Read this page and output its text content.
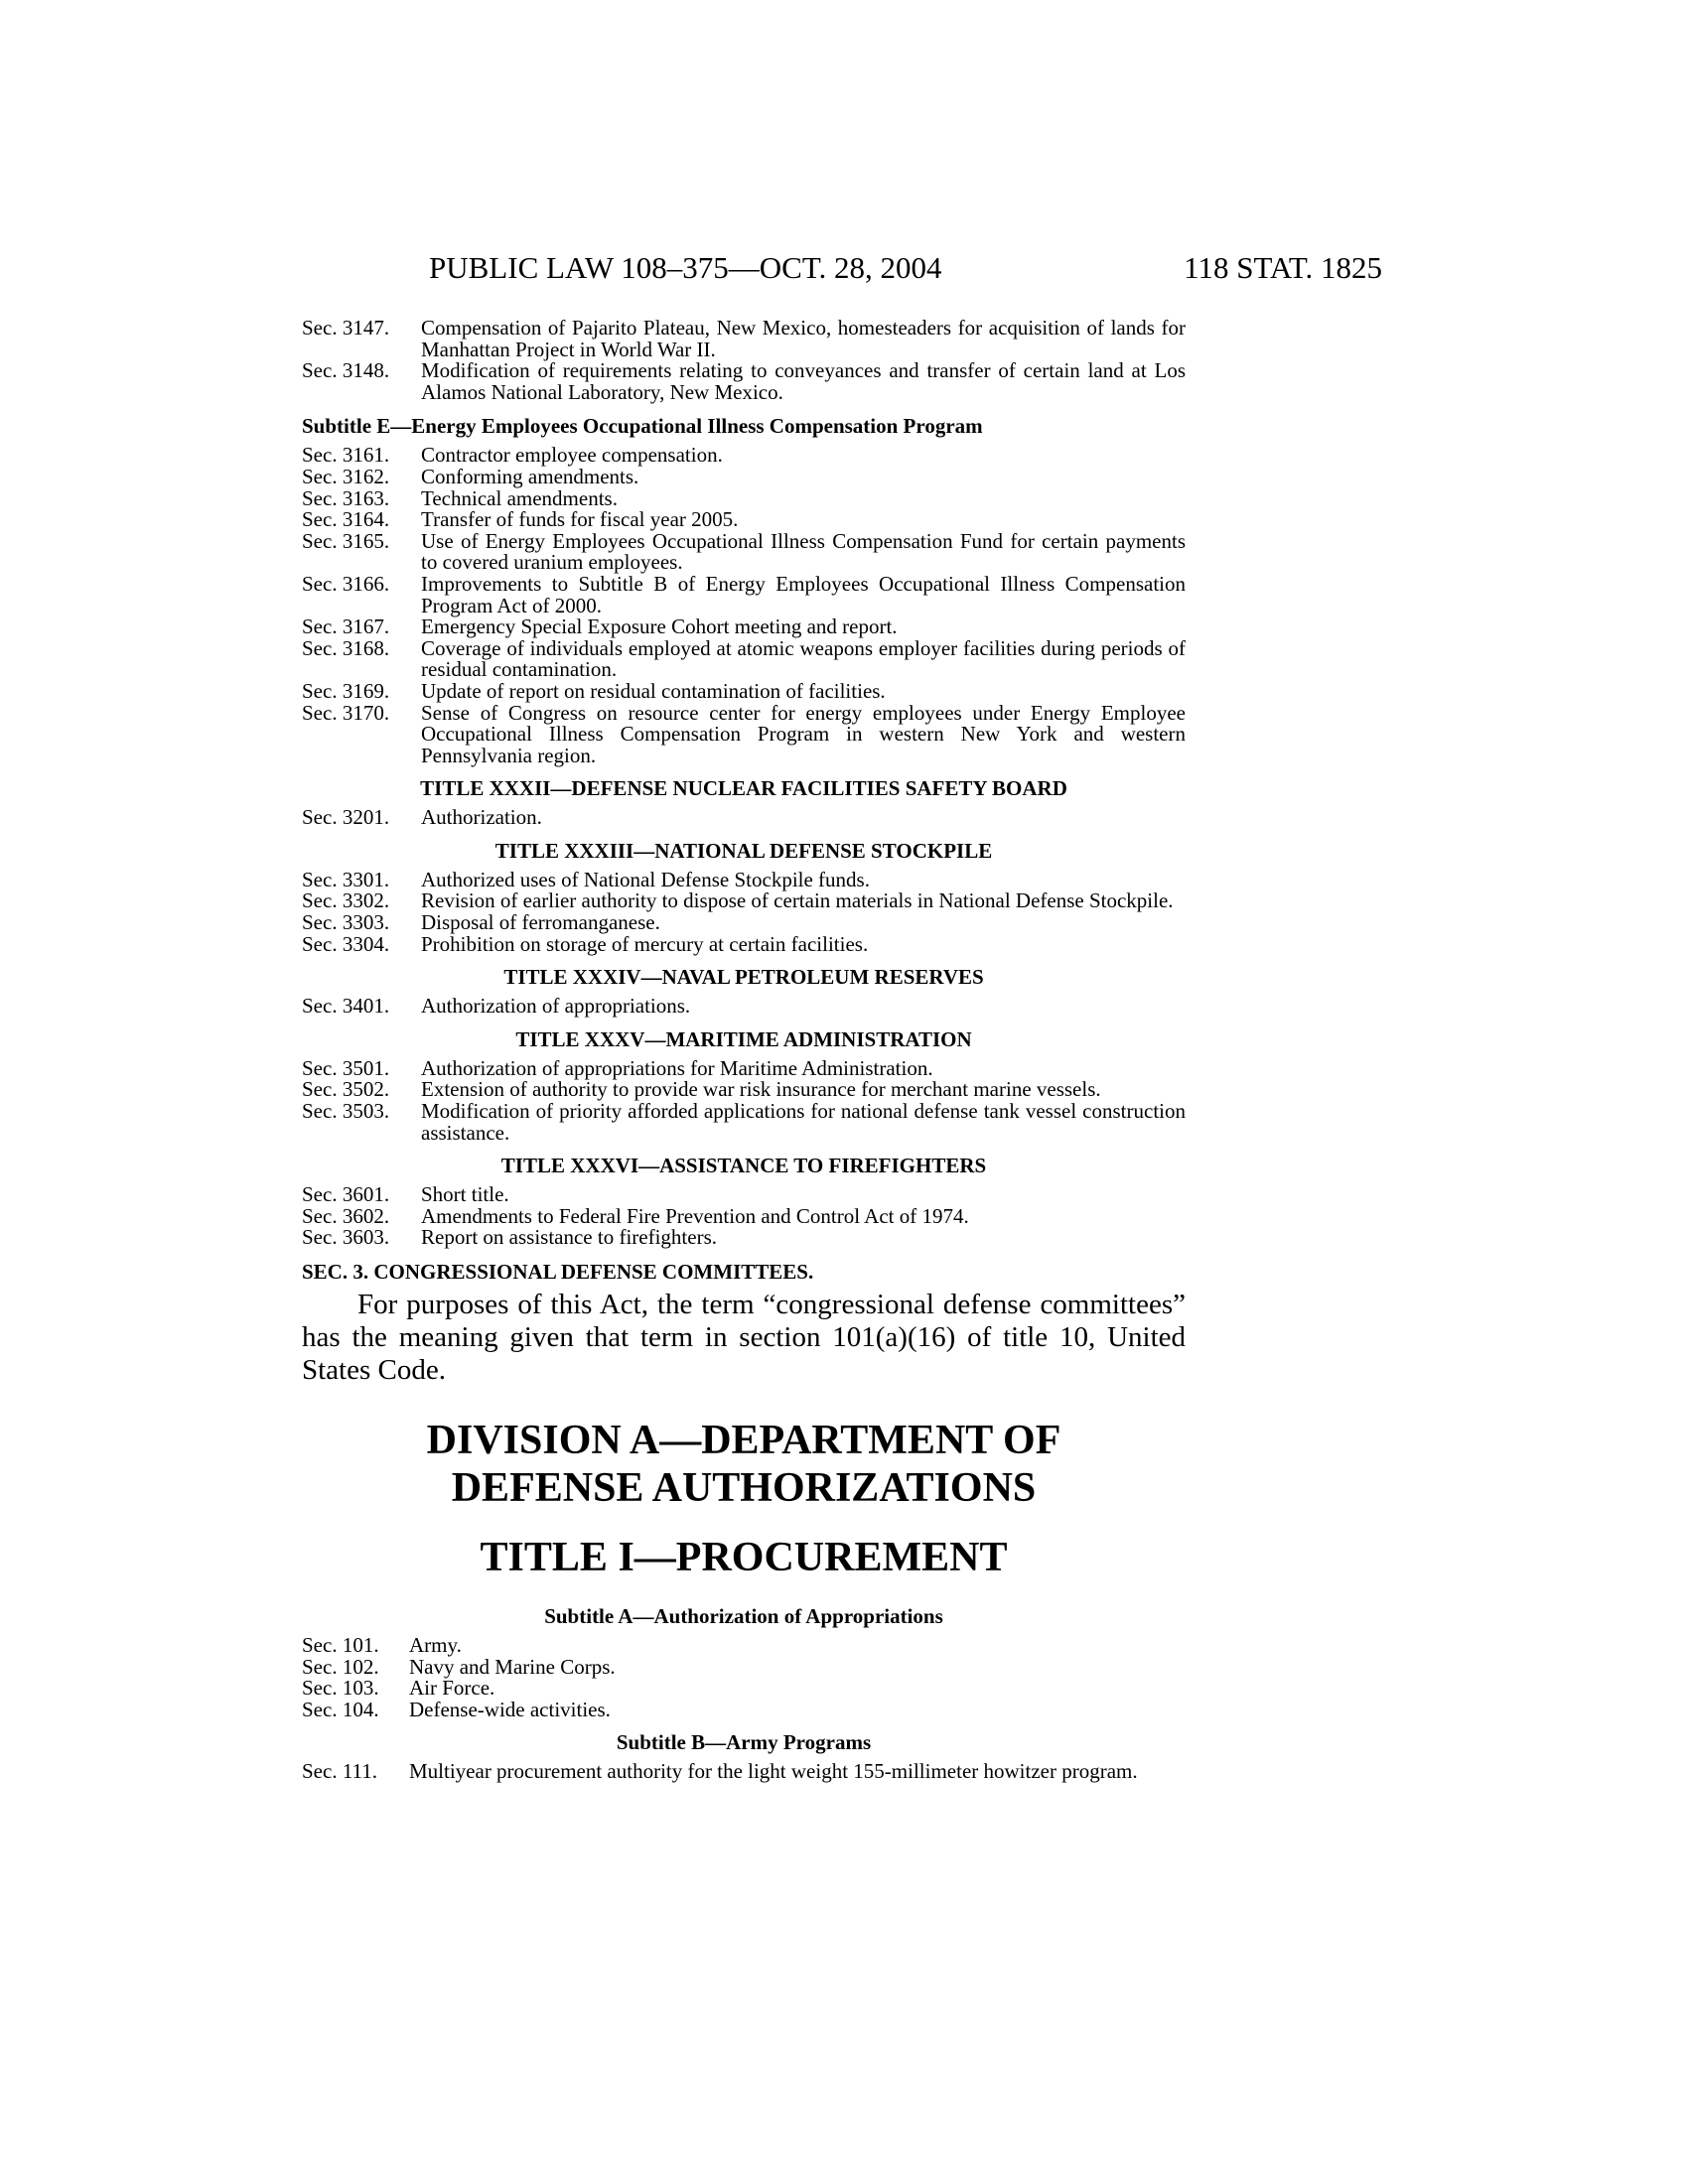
PUBLIC LAW 108–375—OCT. 28, 2004	118 STAT. 1825
Sec. 3147.	Compensation of Pajarito Plateau, New Mexico, homesteaders for acquisition of lands for Manhattan Project in World War II.
Sec. 3148.	Modification of requirements relating to conveyances and transfer of certain land at Los Alamos National Laboratory, New Mexico.
Subtitle E—Energy Employees Occupational Illness Compensation Program
Sec. 3161.	Contractor employee compensation.
Sec. 3162.	Conforming amendments.
Sec. 3163.	Technical amendments.
Sec. 3164.	Transfer of funds for fiscal year 2005.
Sec. 3165.	Use of Energy Employees Occupational Illness Compensation Fund for certain payments to covered uranium employees.
Sec. 3166.	Improvements to Subtitle B of Energy Employees Occupational Illness Compensation Program Act of 2000.
Sec. 3167.	Emergency Special Exposure Cohort meeting and report.
Sec. 3168.	Coverage of individuals employed at atomic weapons employer facilities during periods of residual contamination.
Sec. 3169.	Update of report on residual contamination of facilities.
Sec. 3170.	Sense of Congress on resource center for energy employees under Energy Employee Occupational Illness Compensation Program in western New York and western Pennsylvania region.
TITLE XXXII—DEFENSE NUCLEAR FACILITIES SAFETY BOARD
Sec. 3201.	Authorization.
TITLE XXXIII—NATIONAL DEFENSE STOCKPILE
Sec. 3301.	Authorized uses of National Defense Stockpile funds.
Sec. 3302.	Revision of earlier authority to dispose of certain materials in National Defense Stockpile.
Sec. 3303.	Disposal of ferromanganese.
Sec. 3304.	Prohibition on storage of mercury at certain facilities.
TITLE XXXIV—NAVAL PETROLEUM RESERVES
Sec. 3401.	Authorization of appropriations.
TITLE XXXV—MARITIME ADMINISTRATION
Sec. 3501.	Authorization of appropriations for Maritime Administration.
Sec. 3502.	Extension of authority to provide war risk insurance for merchant marine vessels.
Sec. 3503.	Modification of priority afforded applications for national defense tank vessel construction assistance.
TITLE XXXVI—ASSISTANCE TO FIREFIGHTERS
Sec. 3601.	Short title.
Sec. 3602.	Amendments to Federal Fire Prevention and Control Act of 1974.
Sec. 3603.	Report on assistance to firefighters.
SEC. 3. CONGRESSIONAL DEFENSE COMMITTEES.

For purposes of this Act, the term “congressional defense committees” has the meaning given that term in section 101(a)(16) of title 10, United States Code.

DIVISION A—DEPARTMENT OF
DEFENSE AUTHORIZATIONS
TITLE I—PROCUREMENT
Subtitle A—Authorization of Appropriations
Sec. 101.	Army.
Sec. 102.	Navy and Marine Corps.
Sec. 103.	Air Force.
Sec. 104.	Defense-wide activities.
Subtitle B—Army Programs
Sec. 111.	Multiyear procurement authority for the light weight 155-millimeter howitzer program.
